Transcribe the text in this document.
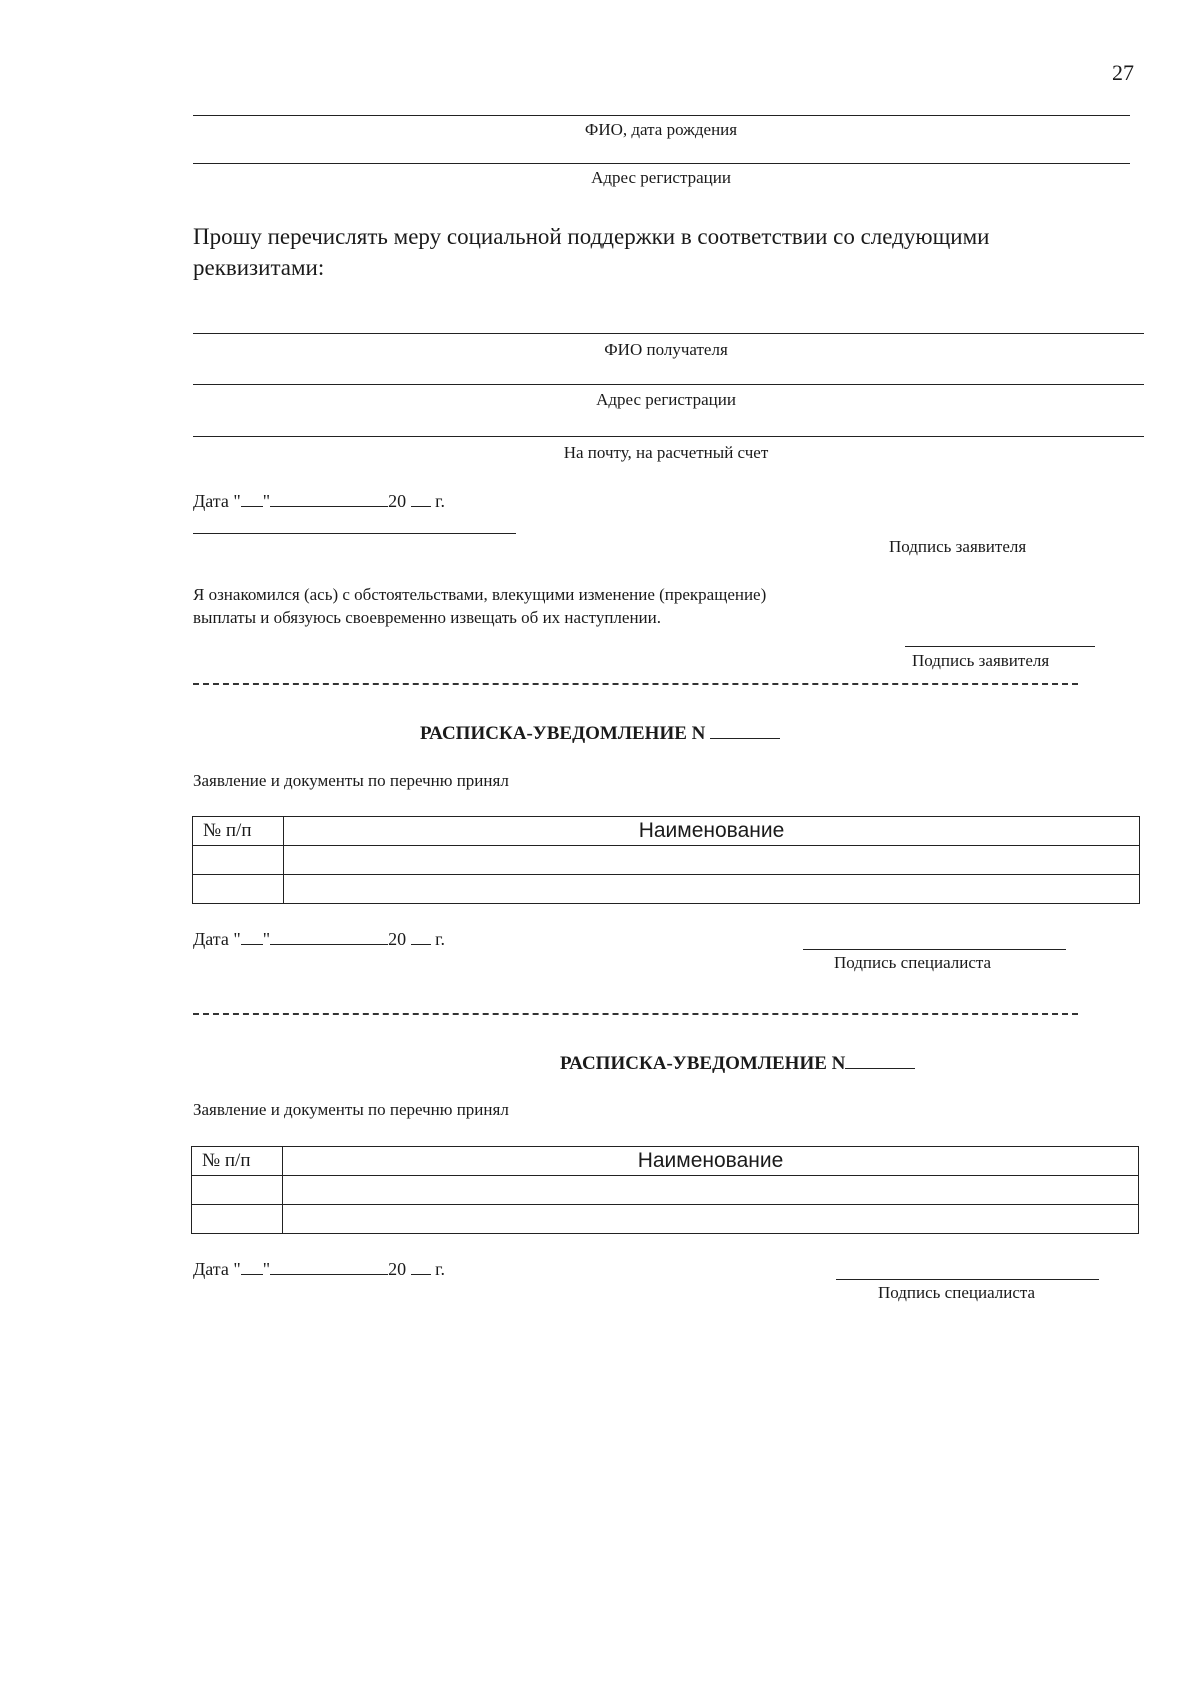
27
ФИО, дата рождения
Адрес регистрации
Прошу перечислять меру социальной поддержки в соответствии со следующими
реквизитами:
ФИО получателя
Адрес регистрации
На почту, на расчетный счет
Дата " "	20 г.
Подпись заявителя
Я ознакомился (ась) с обстоятельствами, влекущими изменение (прекращение)
выплаты и обязуюсь своевременно извещать об их наступлении.
Подпись заявителя
РАСПИСКА-УВЕДОМЛЕНИЕ N
Заявление и документы по перечню принял
№ п/п	Наименование

Дата " "	20 г.
Подпись специалиста
РАСПИСКА-УВЕДОМЛЕНИЕ N
Заявление и документы по перечню принял
№ п/п	Наименование

Дата " "	20 г.
Подпись специалиста
